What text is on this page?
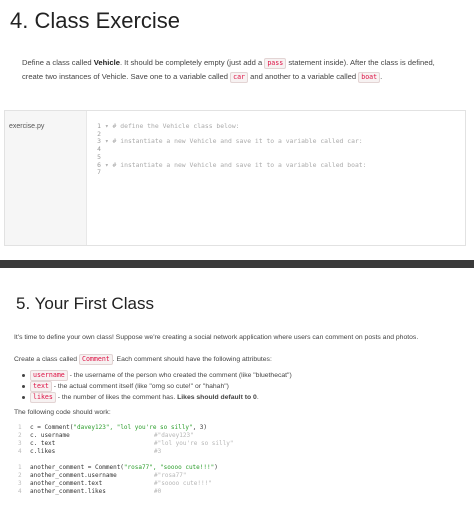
4. Class Exercise
Define a class called Vehicle. It should be completely empty (just add a pass statement inside). After the class is defined, create two instances of Vehicle. Save one to a variable called car and another to a variable called boat .
exercise.py	1 ▾ # define the Vehicle class below:
2
3 ▾ # instantiate a new Vehicle and save it to a variable called car:
4
5
6 ▾ # instantiate a new Vehicle and save it to a variable called boat:
7
5. Your First Class
It's time to define your own class! Suppose we're creating a social network application where users can comment on posts and photos.
Create a class called Comment . Each comment should have the following attributes:
username - the username of the person who created the comment (like "bluethecat")
text - the actual comment itself (like "omg so cute!" or "hahah")
likes - the number of likes the comment has. Likes should default to 0.
The following code should work:
1 c = Comment("davey123", "lol you're so silly", 3)
2 c. username	#"davey123"
3 c. text	#"lol you're so silly"
4 c.likes	#3
1 another_comment = Comment("rosa77", "soooo cute!!!")
2 another_comment.username	#"rosa77"
3 another_comment.text	#"soooo cute!!!"
4 another_comment.likes	#0
